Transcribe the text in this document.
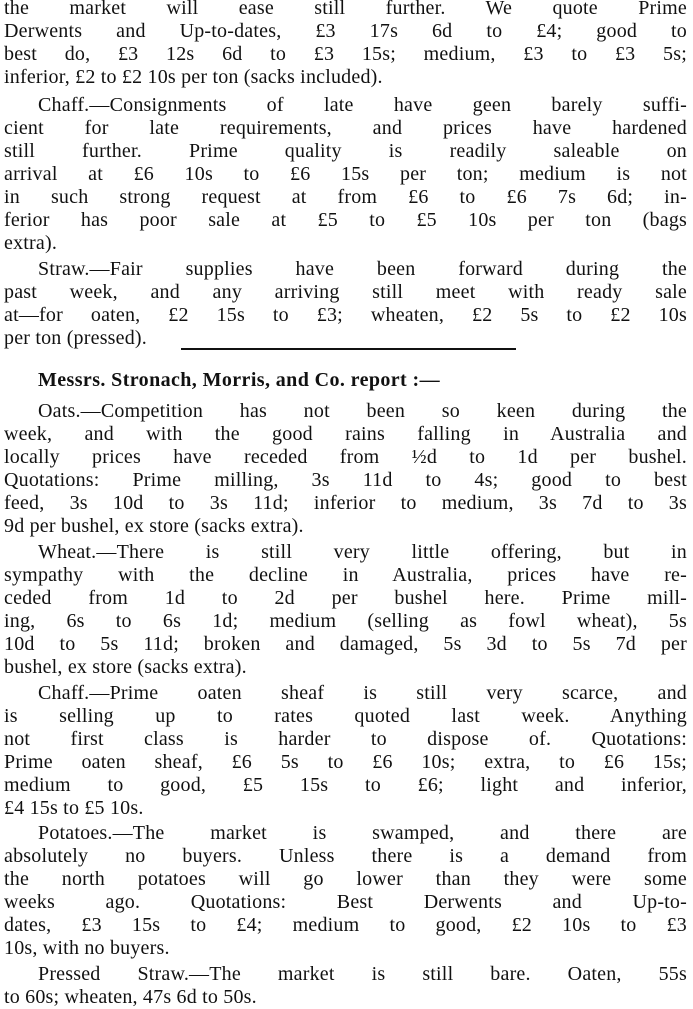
the market will ease still further. We quote Prime
Derwents and Up-to-dates, £3 17s 6d to £4; good to
best do, £3 12s 6d to £3 15s; medium, £3 to £3 5s;
inferior, £2 to £2 10s per ton (sacks included).
Chaff.—Consignments of late have geen barely suffi-
cient for late requirements, and prices have hardened
still further. Prime quality is readily saleable on
arrival at £6 10s to £6 15s per ton; medium is not
in such strong request at from £6 to £6 7s 6d; in-
ferior has poor sale at £5 to £5 10s per ton (bags
extra).
Straw.—Fair supplies have been forward during the
past week, and any arriving still meet with ready sale
at—for oaten, £2 15s to £3; wheaten, £2 5s to £2 10s
per ton (pressed).
Messrs. Stronach, Morris, and Co. report :—
Oats.—Competition has not been so keen during the
week, and with the good rains falling in Australia and
locally prices have receded from ½d to 1d per bushel.
Quotations: Prime milling, 3s 11d to 4s; good to best
feed, 3s 10d to 3s 11d; inferior to medium, 3s 7d to 3s
9d per bushel, ex store (sacks extra).
Wheat.—There is still very little offering, but in
sympathy with the decline in Australia, prices have re-
ceded from 1d to 2d per bushel here. Prime mill-
ing, 6s to 6s 1d; medium (selling as fowl wheat), 5s
10d to 5s 11d; broken and damaged, 5s 3d to 5s 7d per
bushel, ex store (sacks extra).
Chaff.—Prime oaten sheaf is still very scarce, and
is selling up to rates quoted last week. Anything
not first class is harder to dispose of. Quotations:
Prime oaten sheaf, £6 5s to £6 10s; extra, to £6 15s;
medium to good, £5 15s to £6; light and inferior,
£4 15s to £5 10s.
Potatoes.—The market is swamped, and there are
absolutely no buyers. Unless there is a demand from
the north potatoes will go lower than they were some
weeks ago. Quotations: Best Derwents and Up-to-
dates, £3 15s to £4; medium to good, £2 10s to £3
10s, with no buyers.
Pressed Straw.—The market is still bare. Oaten, 55s
to 60s; wheaten, 47s 6d to 50s.
